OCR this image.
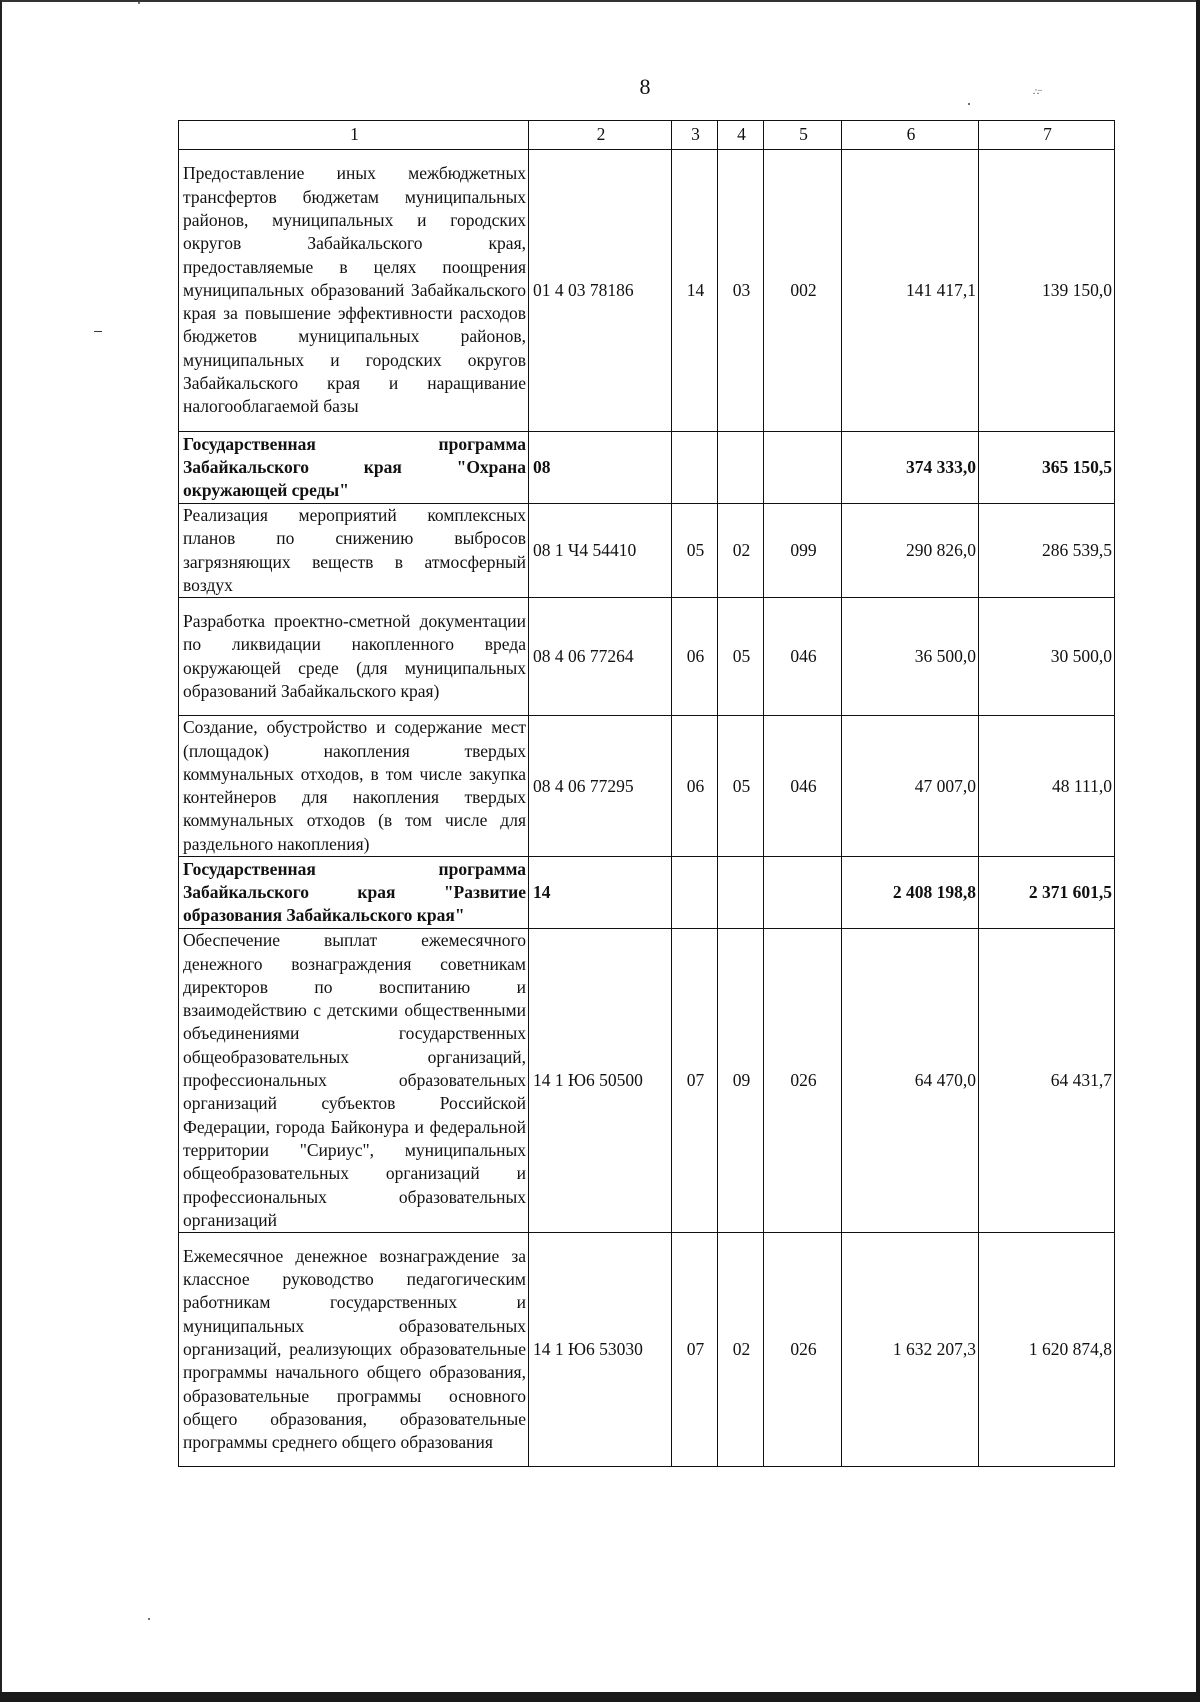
·̇·̈
8
1	2	3	4	5	6	7
Предоставление иных межбюджетных трансфертов бюджетам муниципальных районов, муниципальных и городских округов Забайкальского края, предоставляемые в целях поощрения муниципальных образований Забайкальского края за повышение эффективности расходов бюджетов муниципальных районов, муниципальных и городских округов Забайкальского края и наращивание налогооблагаемой базы	01 4 03 78186	14	03	002	141 417,1	139 150,0
Государственная программа Забайкальского края "Охрана окружающей среды"	08				374 333,0	365 150,5
Реализация мероприятий комплексных планов по снижению выбросов загрязняющих веществ в атмосферный воздух	08 1 Ч4 54410	05	02	099	290 826,0	286 539,5
Разработка проектно-сметной документации по ликвидации накопленного вреда окружающей среде (для муниципальных образований Забайкальского края)	08 4 06 77264	06	05	046	36 500,0	30 500,0
Создание, обустройство и содержание мест (площадок) накопления твердых коммунальных отходов, в том числе закупка контейнеров для накопления твердых коммунальных отходов (в том числе для раздельного накопления)	08 4 06 77295	06	05	046	47 007,0	48 111,0
Государственная программа Забайкальского края "Развитие образования Забайкальского края"	14				2 408 198,8	2 371 601,5
Обеспечение выплат ежемесячного денежного вознаграждения советникам директоров по воспитанию и взаимодействию с детскими общественными объединениями государственных общеобразовательных организаций, профессиональных образовательных организаций субъектов Российской Федерации, города Байконура и федеральной территории "Сириус", муниципальных общеобразовательных организаций и профессиональных образовательных организаций	14 1 Ю6 50500	07	09	026	64 470,0	64 431,7
Ежемесячное денежное вознаграждение за классное руководство педагогическим работникам государственных и муниципальных образовательных организаций, реализующих образовательные программы начального общего образования, образовательные программы основного общего образования, образовательные программы среднего общего образования	14 1 Ю6 53030	07	02	026	1 632 207,3	1 620 874,8
